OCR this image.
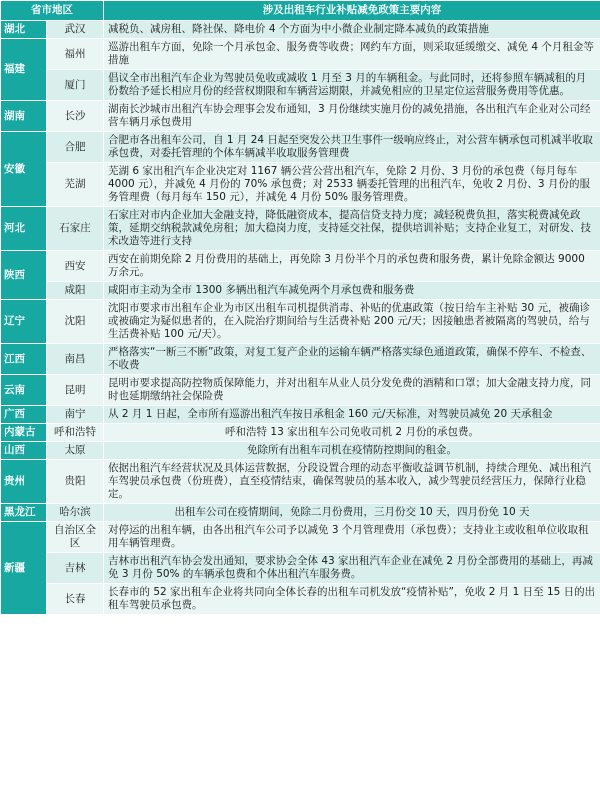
省市地区		涉及出租车行业补贴减免政策主要内容
湖北	武汉	减税负、减房租、降社保、降电价 4 个方面为中小微企业制定降本减负的政策措施
福建	福州	巡游出租车方面，免除一个月承包金、服务费等收费；网约车方面，则采取延缓缴交、减免 4 个月租金等措施
	厦门	倡议全市出租汽车企业为驾驶员免收或减收 1 月至 3 月的车辆租金。与此同时，还将参照车辆减租的月份数给予延长相应月份的经营权期限和车辆营运期限，并减免相应的卫星定位运营服务费用等优惠。
湖南	长沙	湖南长沙城市出租汽车协会理事会发布通知，3 月份继续实施月份的减免措施，各出租汽车企业对公司经营车辆月承包费用
安徽	合肥	合肥市各出租车公司，自 1 月 24 日起至突发公共卫生事件一级响应终止，对公营车辆承包司机减半收取承包费，对委托管理的个体车辆减半收取服务管理费
	芜湖	芜湖 6 家出租汽车企业决定对 1167 辆公营公营出租汽车，免除 2 月份、3 月份的承包费（每月每车 4000 元），并减免 4 月份的 70% 承包费；对 2533 辆委托管理的出租汽车，免收 2 月份、3 月份的服务管理费（每月每车 150 元），并减免 4 月份 50% 服务管理费。
河北	石家庄	石家庄对市内企业加大金融支持，降低融资成本，提高信贷支持力度；减轻税费负担，落实税费减免政策，延期交纳税款减免房租；加大稳岗力度，支持延交社保，提供培训补贴；支持企业复工，对研发、技术改造等进行支持
陕西	西安	西安在前期免除 2 月份费用的基础上，再免除 3 月份半个月的承包费和服务费，累计免除金额达 9000 万余元。
	咸阳	咸阳市主动为全市 1300 多辆出租汽车减免两个月承包费和服务费
辽宁	沈阳	沈阳市要求市出租车企业为市区出租车司机提供消毒、补贴的优惠政策（按日给车主补贴 30 元，被确诊或被确定为疑似患者的，在入院治疗期间给与生活费补贴 200 元/天；因接触患者被隔离的驾驶员，给与生活费补贴 100 元/天）。
江西	南昌	严格落实“一断三不断”政策，对复工复产企业的运输车辆严格落实绿色通道政策，确保不停车、不检查、不收费
云南	昆明	昆明市要求提高防控物质保障能力，并对出租车从业人员分发免费的酒精和口罩；加大金融支持力度，同时也延期缴纳社会保险费
广西	南宁	从 2 月 1 日起，全市所有巡游出租汽车按日承租金 160 元/天标准，对驾驶员减免 20 天承租金
内蒙古	呼和浩特	呼和浩特 13 家出租车公司免收司机 2 月份的承包费。
山西	太原	免除所有出租车司机在疫情防控期间的租金。
贵州	贵阳	依据出租汽车经营状况及具体运营数据，分段设置合理的动态平衡收益调节机制，持续合理免、减出租汽车驾驶员承包费（份班费），直至疫情结束，确保驾驶员的基本收入，减少驾驶员经营压力，保障行业稳定。
黑龙江	哈尔滨	出租车公司在疫情期间，免除二月份费用，三月份交 10 天，四月份免 10 天
新疆	自治区全区	对停运的出租车辆，由各出租汽车公司予以减免 3 个月管理费用（承包费）；支持业主或收租单位收取租用车辆管理费。
	吉林	吉林市出租汽车协会发出通知，要求协会全体 43 家出租汽车企业在减免 2 月份全部费用的基础上，再减免 3 月份 50% 的车辆承包费和个体出租汽车服务费。
	长春	长春市的 52 家出租车企业将共同向全体长春的出租车司机发放“疫情补贴”，免收 2 月 1 日至 15 日的出租车驾驶员承包费。
